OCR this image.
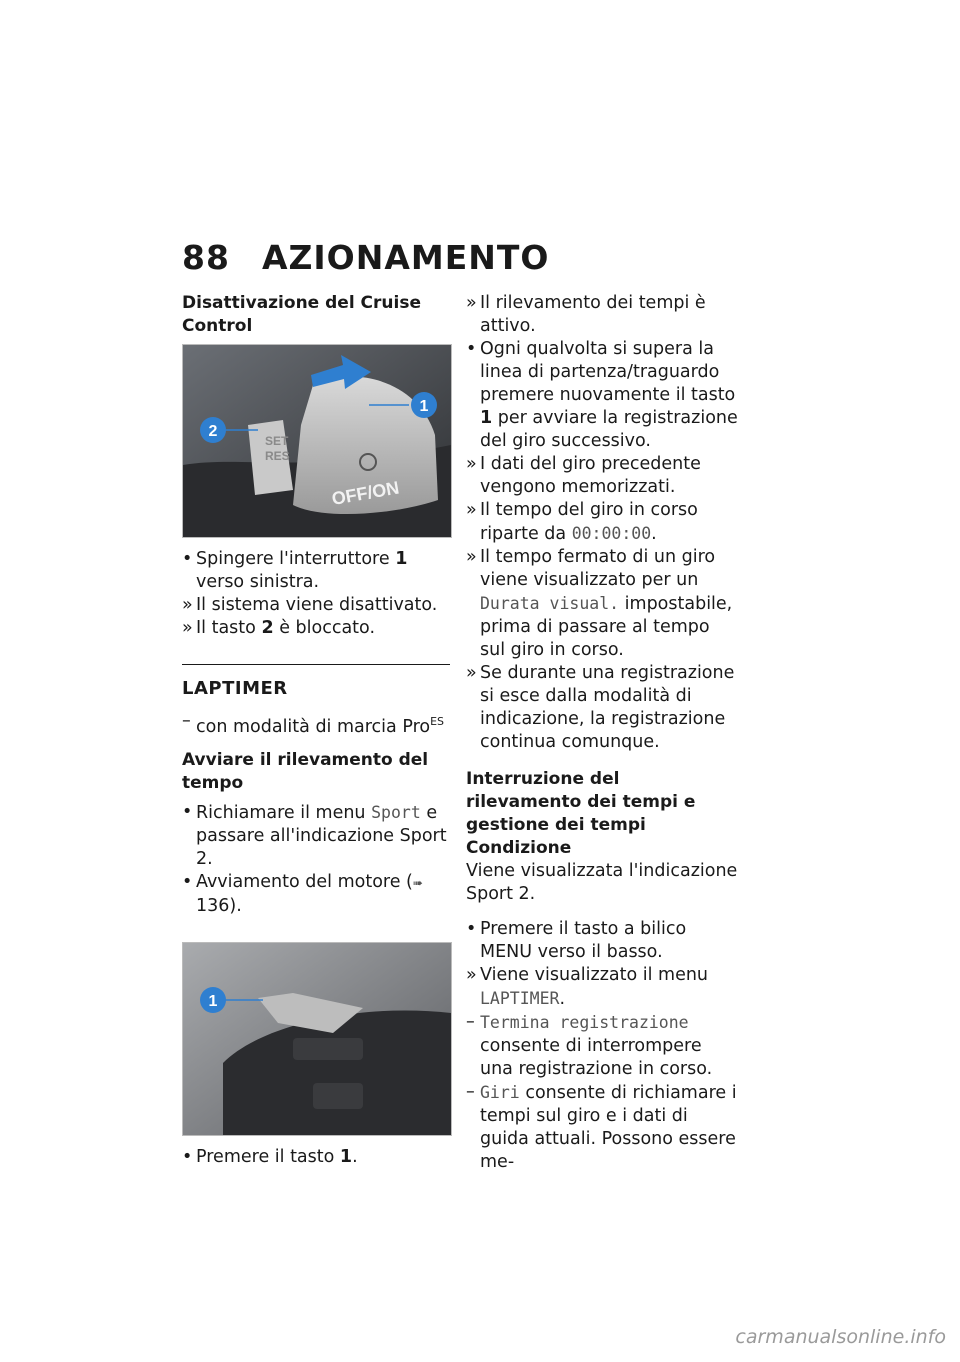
88 AZIONAMENTO

Disattivazione del Cruise Control

1
2
SET
RES
OFF/ON

• Spingere l'interruttore 1 verso sinistra.

» Il sistema viene disattivato.

» Il tasto 2 è bloccato.

LAPTIMER

– con modalità di marcia Pro$^{ES}$

Avviare il rilevamento del tempo

• Richiamare il menu Sport e passare all'indicazione Sport 2.

• Avviamento del motore (➠ 136).

1

• Premere il tasto 1.

» Il rilevamento dei tempi è attivo.

• Ogni qualvolta si supera la linea di partenza/traguardo premere nuovamente il tasto 1 per avviare la registrazione del giro successivo.

» I dati del giro precedente vengono memorizzati.

» Il tempo del giro in corso riparte da 00:00:00.

» Il tempo fermato di un giro viene visualizzato per un Durata visual. impostabile, prima di passare al tempo sul giro in corso.

» Se durante una registrazione si esce dalla modalità di indicazione, la registrazione continua comunque.

Interruzione del rilevamento dei tempi e gestione dei tempi

Condizione

Viene visualizzata l'indicazione Sport 2.

• Premere il tasto a bilico MENU verso il basso.

» Viene visualizzato il menu LAPTIMER.

– Termina registrazione consente di interrompere una registrazione in corso.

– Giri consente di richiamare i tempi sul giro e i dati di guida attuali. Possono essere me-

carmanualsonline.info
